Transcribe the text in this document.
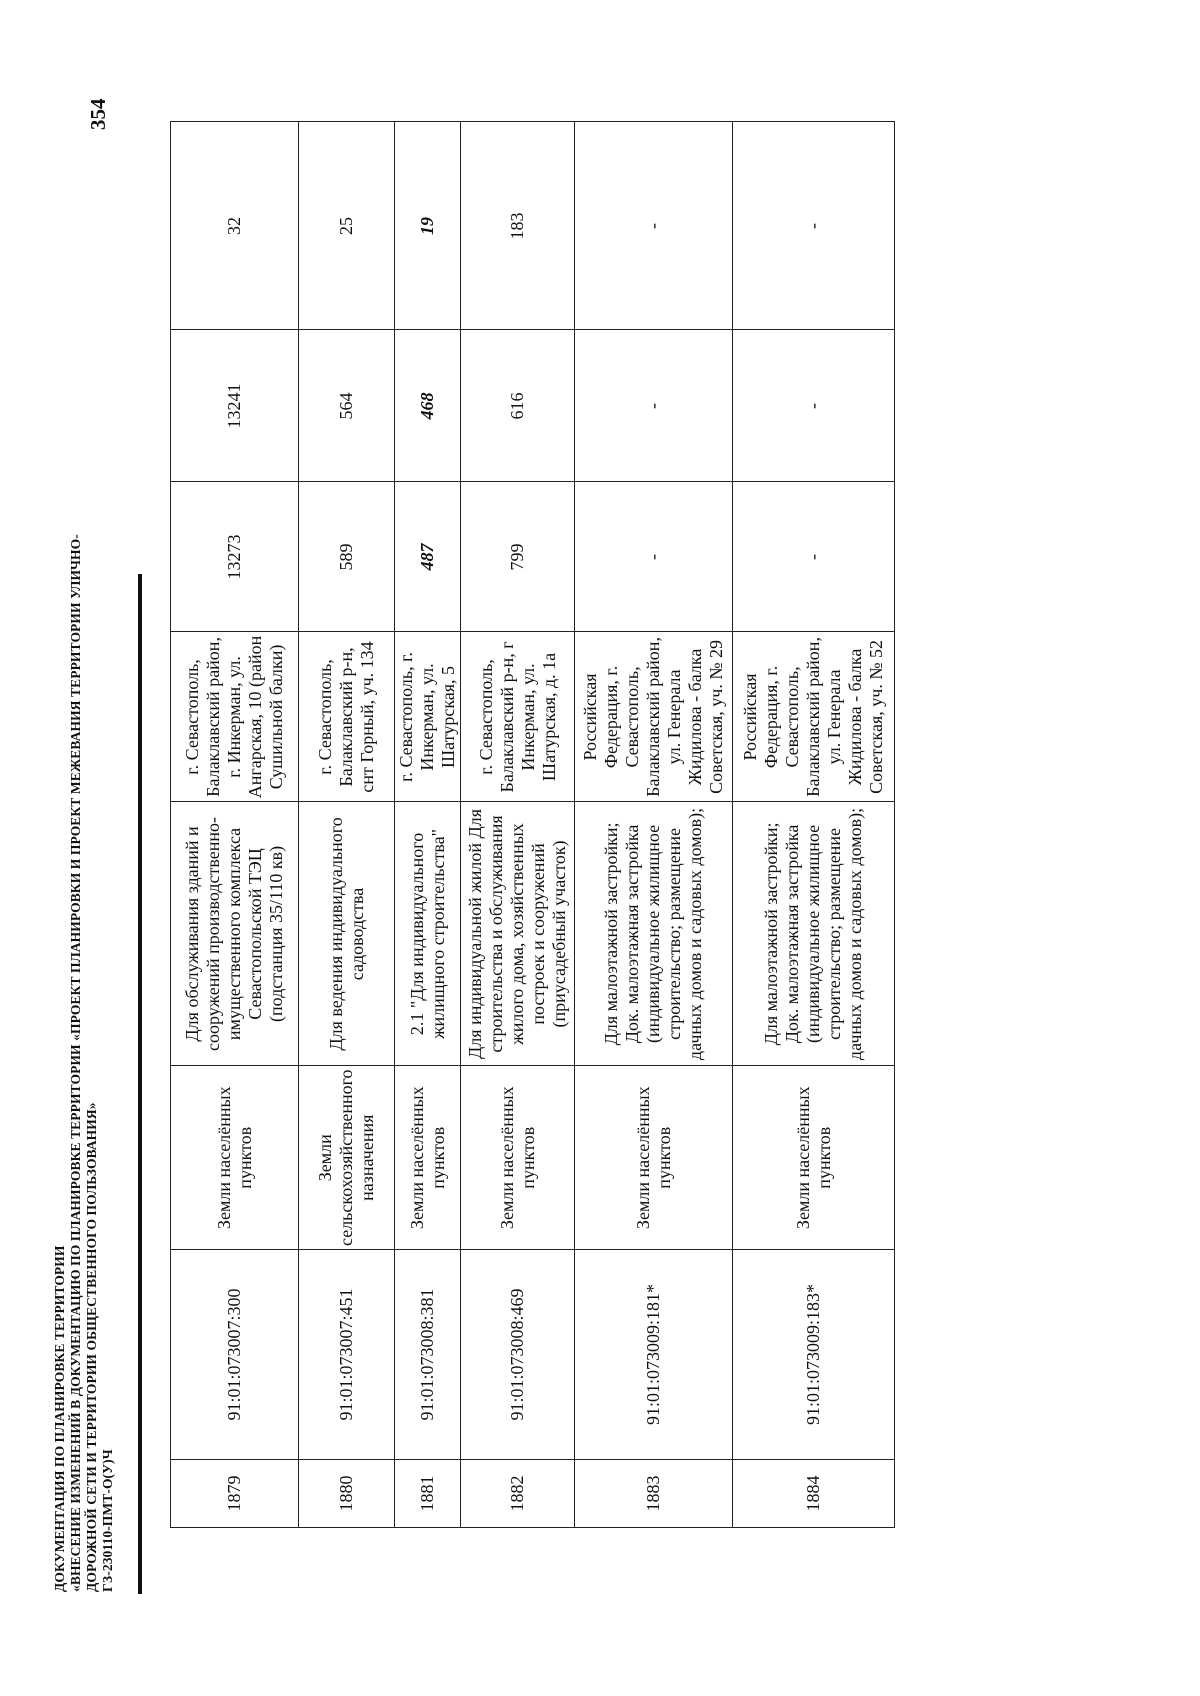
ДОКУМЕНТАЦИЯ ПО ПЛАНИРОВКЕ ТЕРРИТОРИИ «ВНЕСЕНИЕ ИЗМЕНЕНИЙ В ДОКУМЕНТАЦИЮ ПО ПЛАНИРОВКЕ ТЕРРИТОРИИ «ПРОЕКТ ПЛАНИРОВКИ И ПРОЕКТ МЕЖЕВАНИЯ ТЕРРИТОРИИ УЛИЧНО- ДОРОЖНОЙ СЕТИ И ТЕРРИТОРИИ ОБЩЕСТВЕННОГО ПОЛЬЗОВАНИЯ» ГЗ-230110-ПМТ-О(У)Ч
354
1879	91:01:073007:300	Земли населённых пунктов	Для обслуживания зданий и сооружений производственно-имущественного комплекса Севастопольской ТЭЦ (подстанция 35/110 кв)	г. Севастополь, Балаклавский район, г. Инкерман, ул. Ангарская, 10 (район Сушильной балки)	13273	13241	32
1880	91:01:073007:451	Земли сельскохозяйственного назначения	Для ведения индивидуального садоводства	г. Севастополь, Балаклавский р-н, снт Горный, уч. 134	589	564	25
1881	91:01:073008:381	Земли населённых пунктов	2.1 "Для индивидуального жилищного строительства"	г. Севастополь, г. Инкерман, ул. Шатурская, 5	487	468	19
1882	91:01:073008:469	Земли населённых пунктов	Для индивидуальной жилой Для строительства и обслуживания жилого дома, хозяйственных построек и сооружений (приусадебный участок)	г. Севастополь, Балаклавский р-н, г Инкерман, ул. Шатурская, д. 1а	799	616	183
1883	91:01:073009:181*	Земли населённых пунктов	Для малоэтажной застройки; Док. малоэтажная застройка (индивидуальное жилищное строительство; размещение дачных домов и садовых домов);	Российская Федерация, г. Севастополь, Балаклавский район, ул. Генерала Жидилова - балка Советская, уч. № 29	-	-	-
1884	91:01:073009:183*	Земли населённых пунктов	Для малоэтажной застройки; Док. малоэтажная застройка (индивидуальное жилищное строительство; размещение дачных домов и садовых домов);	Российская Федерация, г. Севастополь, Балаклавский район, ул. Генерала Жидилова - балка Советская, уч. № 52	-	-	-
